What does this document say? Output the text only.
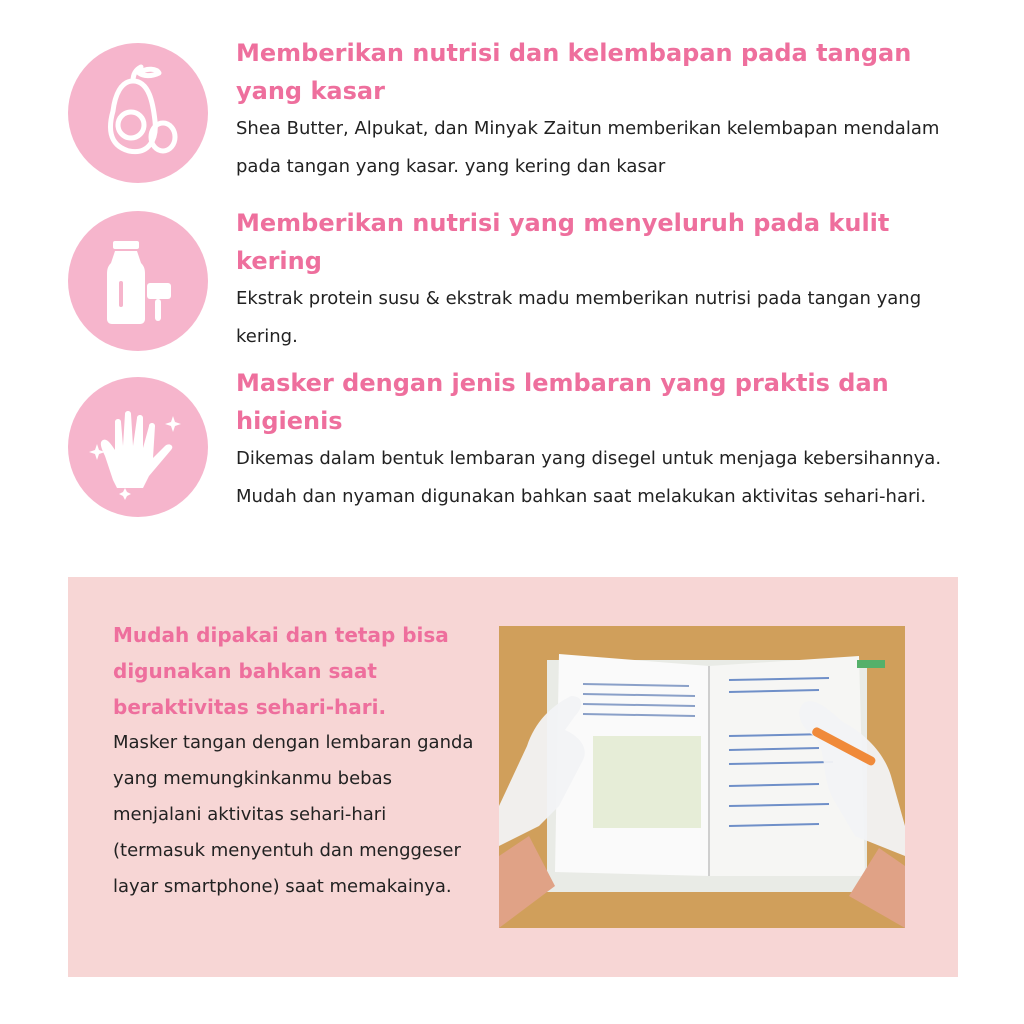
Memberikan nutrisi dan kelembapan pada tangan yang kasar

Shea Butter, Alpukat, dan Minyak Zaitun memberikan kelembapan mendalam pada tangan yang kasar. yang kering dan kasar

Memberikan nutrisi yang menyeluruh pada kulit kering

Ekstrak protein susu & ekstrak madu memberikan nutrisi pada tangan yang kering.

Masker dengan jenis lembaran yang praktis dan higienis

Dikemas dalam bentuk lembaran yang disegel untuk menjaga kebersihannya. Mudah dan nyaman digunakan bahkan saat melakukan aktivitas sehari-hari.

Mudah dipakai dan tetap bisa digunakan bahkan saat beraktivitas sehari-hari.

Masker tangan dengan lembaran ganda yang memungkinkanmu bebas menjalani aktivitas sehari-hari (termasuk menyentuh dan menggeser layar smartphone) saat memakainya.
